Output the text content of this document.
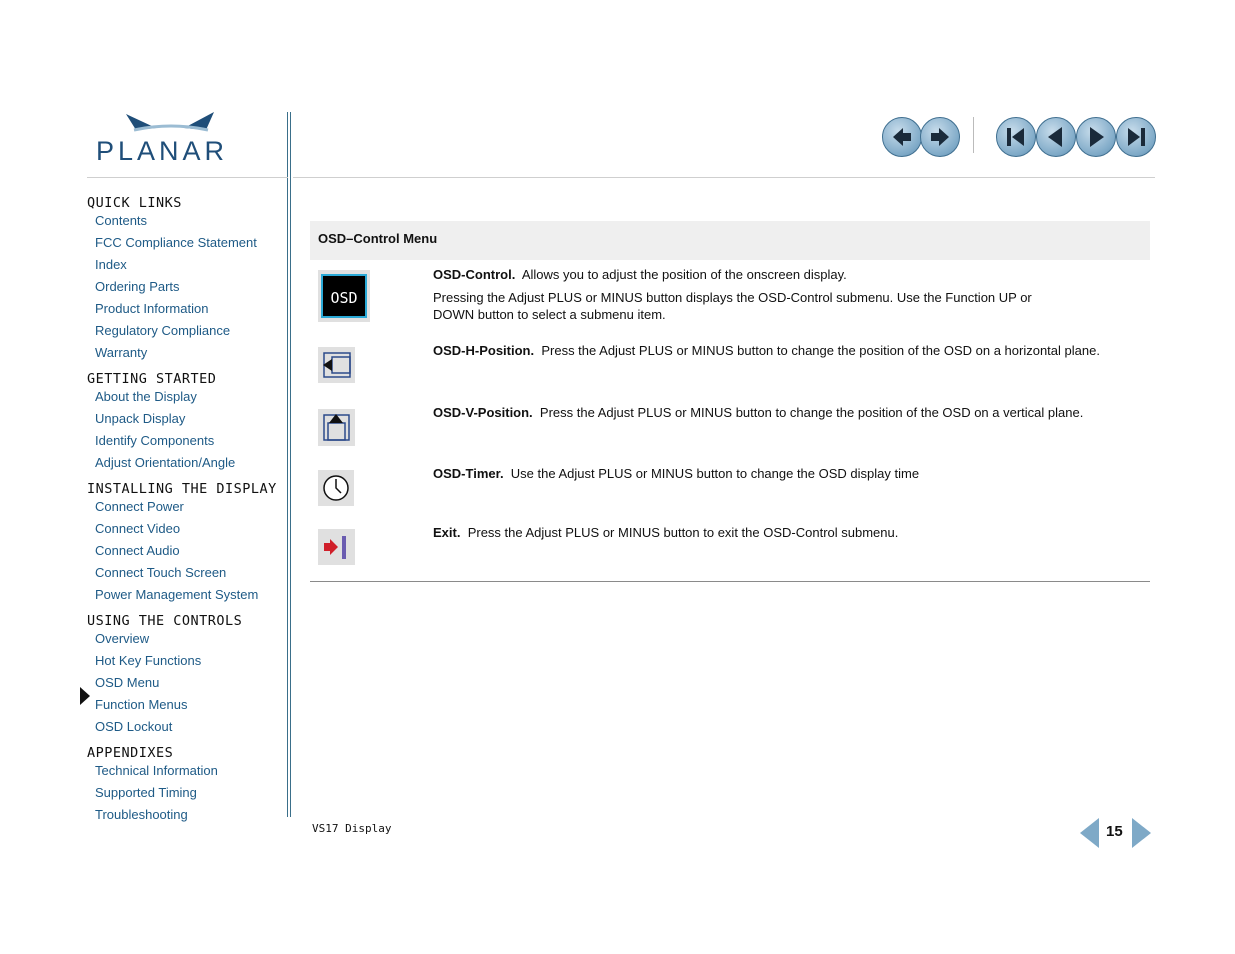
PLANAR
QUICK LINKS
Contents
FCC Compliance Statement
Index
Ordering Parts
Product Information
Regulatory Compliance
Warranty
GETTING STARTED
About the Display
Unpack Display
Identify Components
Adjust Orientation/Angle
INSTALLING THE DISPLAY
Connect Power
Connect Video
Connect Audio
Connect Touch Screen
Power Management System
USING THE CONTROLS
Overview
Hot Key Functions
OSD Menu
Function Menus
OSD Lockout
APPENDIXES
Technical Information
Supported Timing
Troubleshooting
OSD–Control Menu
OSD

OSD-Control. Allows you to adjust the position of the onscreen display.

Pressing the Adjust PLUS or MINUS button displays the OSD-Control submenu. Use the Function UP or DOWN button to select a submenu item.

OSD-H-Position. Press the Adjust PLUS or MINUS button to change the position of the OSD on a horizontal plane.

OSD-V-Position. Press the Adjust PLUS or MINUS button to change the position of the OSD on a vertical plane.

OSD-Timer. Use the Adjust PLUS or MINUS button to change the OSD display time

Exit. Press the Adjust PLUS or MINUS button to exit the OSD-Control submenu.

VS17 Display	15
